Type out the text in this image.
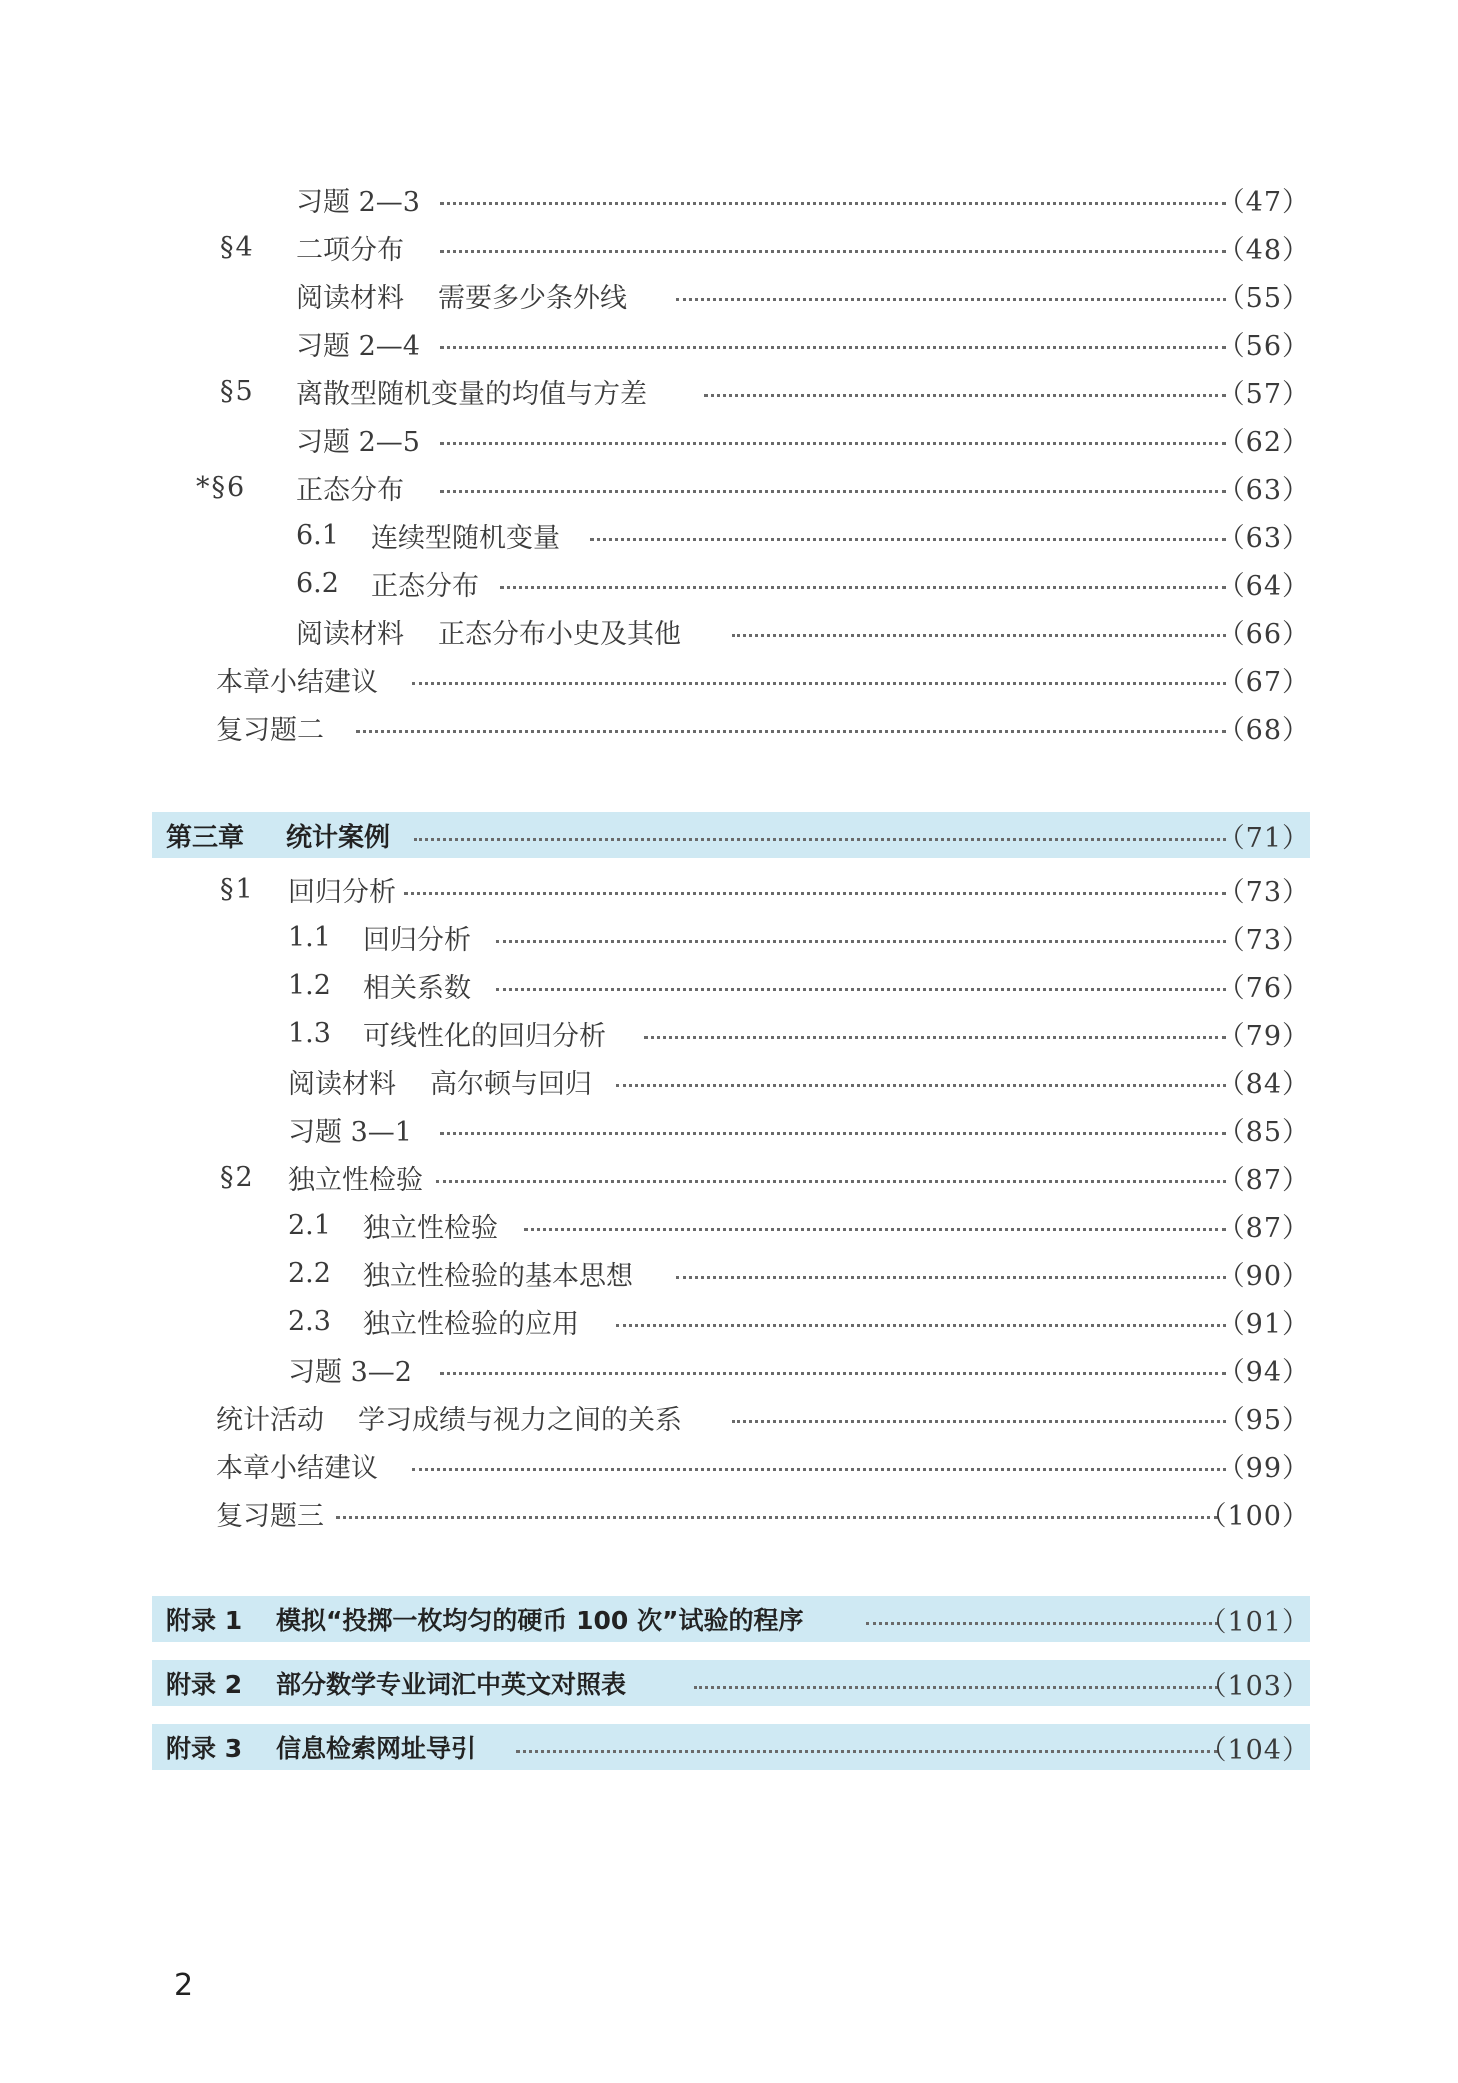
习题 2—3	（47）
§4	二项分布	（48）
阅读材料 需要多少条外线	（55）
习题 2—4	（56）
§5	离散型随机变量的均值与方差	（57）
习题 2—5	（62）
*§6	正态分布	（63）
6.1 连续型随机变量	（63）
6.2 正态分布	（64）
阅读材料 正态分布小史及其他	（66）
本章小结建议	（67）
复习题二	（68）
第三章 统计案例	（71）
§1	回归分析	（73）
1.1 回归分析	（73）
1.2 相关系数	（76）
1.3 可线性化的回归分析	（79）
阅读材料 高尔顿与回归	（84）
习题 3—1	（85）
§2	独立性检验	（87）
2.1 独立性检验	（87）
2.2 独立性检验的基本思想	（90）
2.3 独立性检验的应用	（91）
习题 3—2	（94）
统计活动 学习成绩与视力之间的关系	（95）
本章小结建议	（99）
复习题三	（100）
附录 1 模拟“投掷一枚均匀的硬币 100 次”试验的程序	（101）
附录 2 部分数学专业词汇中英文对照表	（103）
附录 3 信息检索网址导引	（104）
2
